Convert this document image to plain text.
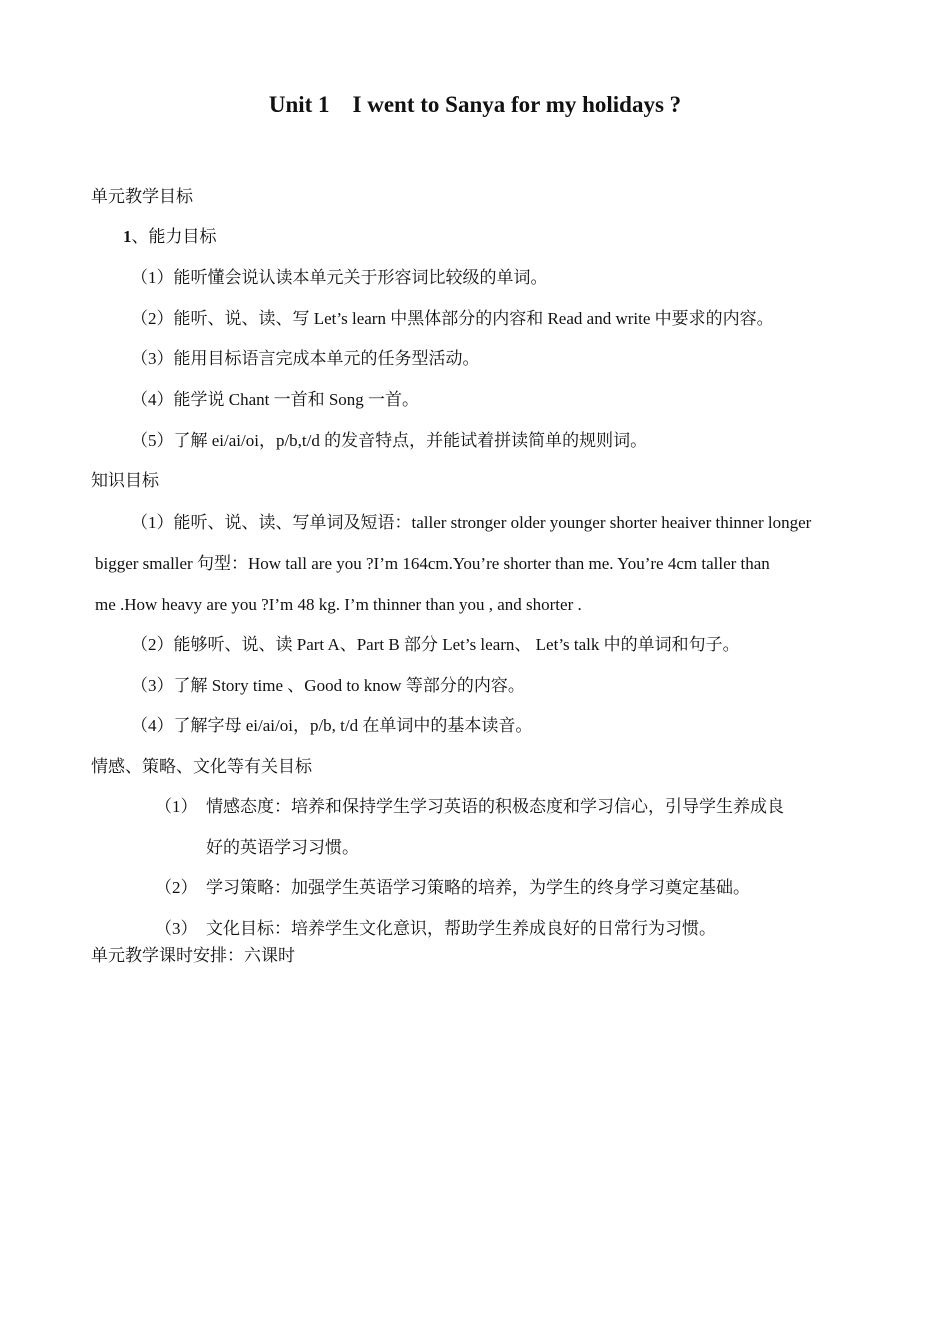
Unit 1    I went to Sanya for my holidays ?
单元教学目标
1、能力目标
（1）能听懂会说认读本单元关于形容词比较级的单词。
（2）能听、说、读、写 Let’s learn 中黑体部分的内容和 Read and write 中要求的内容。
（3）能用目标语言完成本单元的任务型活动。
（4）能学说 Chant 一首和 Song 一首。
（5）了解 ei/ai/oi，p/b,t/d 的发音特点，并能试着拼读简单的规则词。
知识目标
（1）能听、说、读、写单词及短语：taller stronger older younger shorter heaiver thinner longer
bigger smaller 句型：How tall are you ?I’m 164cm.You’re shorter than me. You’re 4cm taller than
me .How heavy are you ?I’m 48 kg. I’m thinner than you , and shorter .
（2）能够听、说、读 Part A、Part B 部分 Let’s learn、 Let’s talk 中的单词和句子。
（3）了解 Story time 、Good to know 等部分的内容。
（4）了解字母 ei/ai/oi，p/b, t/d 在单词中的基本读音。
情感、策略、文化等有关目标
（1） 情感态度：培养和保持学生学习英语的积极态度和学习信心，引导学生养成良
好的英语学习习惯。
（2） 学习策略：加强学生英语学习策略的培养，为学生的终身学习奠定基础。
（3） 文化目标：培养学生文化意识，帮助学生养成良好的日常行为习惯。
单元教学课时安排：六课时
